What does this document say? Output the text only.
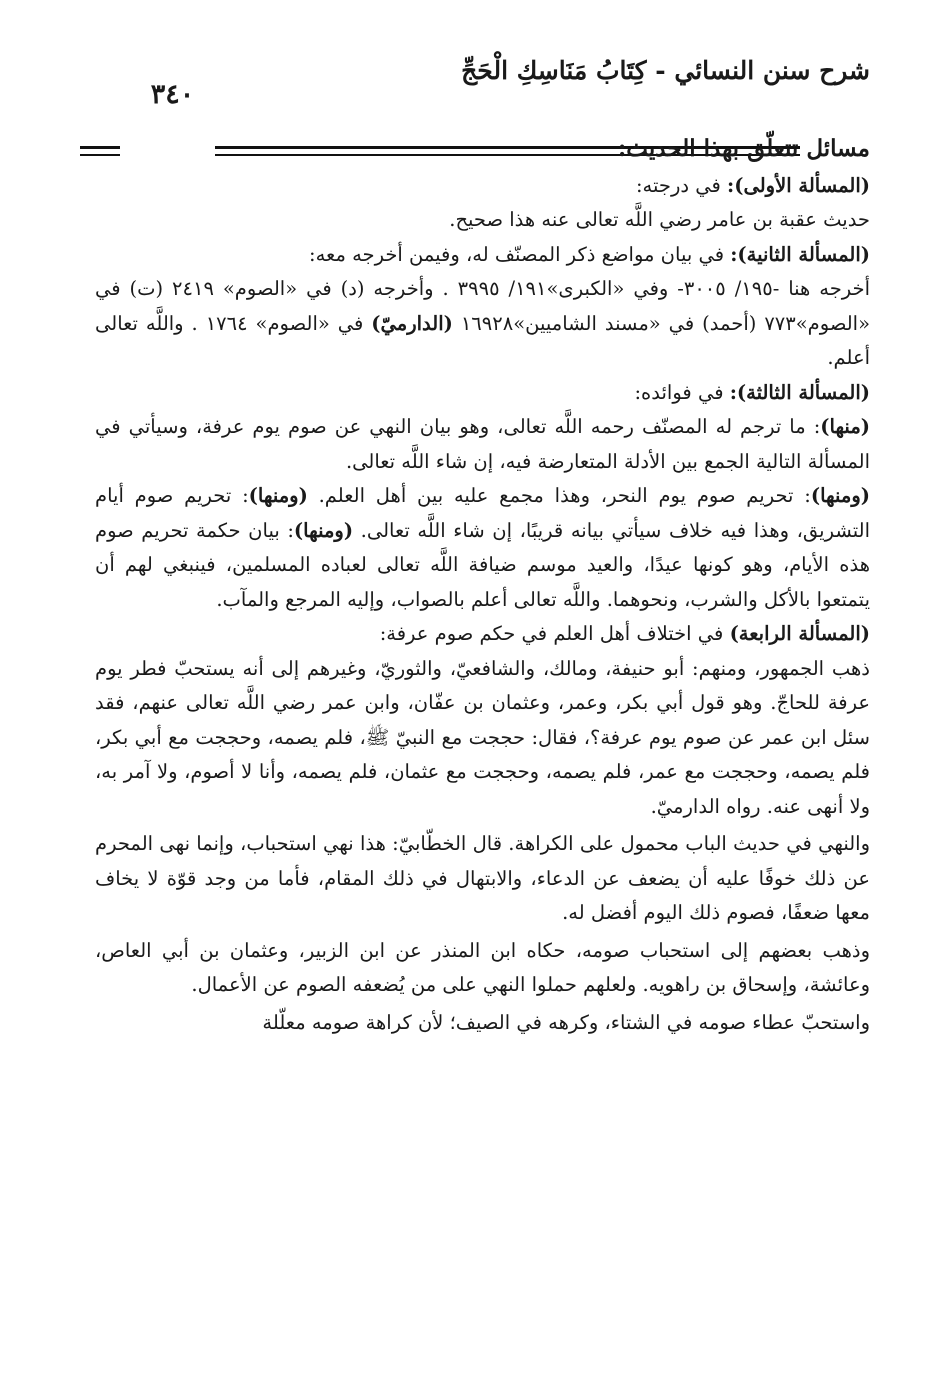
شرح سنن النسائي - كِتَابُ مَنَاسِكِ الْحَجِّ
٣٤٠

مسائل تتعلّق بهذا الحديث:

(المسألة الأولى): في درجته:

حديث عقبة بن عامر رضي اللَّه تعالى عنه هذا صحيح.

(المسألة الثانية): في بيان مواضع ذكر المصنّف له، وفيمن أخرجه معه:

أخرجه هنا -١٩٥/ ٣٠٠٥- وفي «الكبرى»١٩١/ ٣٩٩٥ . وأخرجه (د) في «الصوم» ٢٤١٩ (ت) في «الصوم»٧٧٣ (أحمد) في «مسند الشاميين»١٦٩٢٨ (الدارميّ) في «الصوم» ١٧٦٤ . واللَّه تعالى أعلم.

(المسألة الثالثة): في فوائده:

(منها): ما ترجم له المصنّف رحمه اللَّه تعالى، وهو بيان النهي عن صوم يوم عرفة، وسيأتي في المسألة التالية الجمع بين الأدلة المتعارضة فيه، إن شاء اللَّه تعالى.

(ومنها): تحريم صوم يوم النحر، وهذا مجمع عليه بين أهل العلم. (ومنها): تحريم صوم أيام التشريق، وهذا فيه خلاف سيأتي بيانه قريبًا، إن شاء اللَّه تعالى. (ومنها): بيان حكمة تحريم صوم هذه الأيام، وهو كونها عيدًا، والعيد موسم ضيافة اللَّه تعالى لعباده المسلمين، فينبغي لهم أن يتمتعوا بالأكل والشرب، ونحوهما. واللَّه تعالى أعلم بالصواب، وإليه المرجع والمآب.

(المسألة الرابعة) في اختلاف أهل العلم في حكم صوم عرفة:

ذهب الجمهور، ومنهم: أبو حنيفة، ومالك، والشافعيّ، والثوريّ، وغيرهم إلى أنه يستحبّ فطر يوم عرفة للحاجّ. وهو قول أبي بكر، وعمر، وعثمان بن عفّان، وابن عمر رضي اللَّه تعالى عنهم، فقد سئل ابن عمر عن صوم يوم عرفة؟، فقال: حججت مع النبيّ ﷺ، فلم يصمه، وحججت مع أبي بكر، فلم يصمه، وحججت مع عمر، فلم يصمه، وحججت مع عثمان، فلم يصمه، وأنا لا أصوم، ولا آمر به، ولا أنهى عنه. رواه الدارميّ.

والنهي في حديث الباب محمول على الكراهة. قال الخطّابيّ: هذا نهي استحباب، وإنما نهى المحرم عن ذلك خوفًا عليه أن يضعف عن الدعاء، والابتهال في ذلك المقام، فأما من وجد قوّة لا يخاف معها ضعفًا، فصوم ذلك اليوم أفضل له.

وذهب بعضهم إلى استحباب صومه، حكاه ابن المنذر عن ابن الزبير، وعثمان بن أبي العاص، وعائشة، وإسحاق بن راهويه. ولعلهم حملوا النهي على من يُضعفه الصوم عن الأعمال.

واستحبّ عطاء صومه في الشتاء، وكرهه في الصيف؛ لأن كراهة صومه معلّلة
